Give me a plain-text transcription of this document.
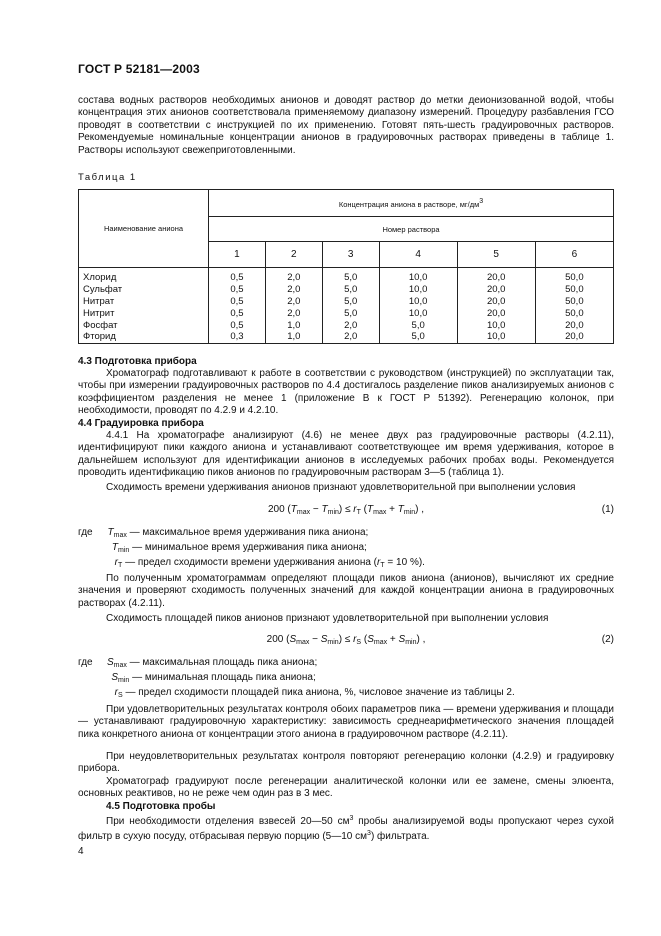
ГОСТ Р 52181—2003

состава водных растворов необходимых анионов и доводят раствор до метки деионизованной водой, чтобы концентрация этих анионов соответствовала применяемому диапазону измерений. Процедуру разбавления ГСО проводят в соответствии с инструкцией по их применению. Готовят пять-шесть градуировочных растворов. Рекомендуемые номинальные концентрации анионов в градуировочных растворах приведены в таблице 1. Растворы используют свежеприготовленными.

Таблица 1
Наименование аниона	Концентрация аниона в растворе, мг/дм3					
	Номер раствора					
	1	2	3	4	5	6
Хлорид	0,5	2,0	5,0	10,0	20,0	50,0
Сульфат	0,5	2,0	5,0	10,0	20,0	50,0
Нитрат	0,5	2,0	5,0	10,0	20,0	50,0
Нитрит	0,5	2,0	5,0	10,0	20,0	50,0
Фосфат	0,5	1,0	2,0	5,0	10,0	20,0
Фторид	0,3	1,0	2,0	5,0	10,0	20,0
4.3 Подготовка прибора

Хроматограф подготавливают к работе в соответствии с руководством (инструкцией) по эксплуатации так, чтобы при измерении градуировочных растворов по 4.4 достигалось разделение пиков анализируемых анионов с коэффициентом разделения не менее 1 (приложение В к ГОСТ Р 51392). Регенерацию колонок, при необходимости, проводят по 4.2.9 и 4.2.10.

4.4 Градуировка прибора

4.4.1 На хроматографе анализируют (4.6) не менее двух раз градуировочные растворы (4.2.11), идентифицируют пики каждого аниона и устанавливают соответствующее им время удерживания, которое в дальнейшем используют для идентификации анионов в исследуемых рабочих пробах воды. Рекомендуется проводить идентификацию пиков анионов по градуировочным растворам 3—5 (таблица 1).

Сходимость времени удерживания анионов признают удовлетворительной при выполнении условия

200 $(T_{max} - T_{min}) \le r_T$ $(T_{max} + T_{min})$ ,	(1)
где $T_{max}$ — максимальное время удерживания пика аниона;
$T_{min}$ — минимальное время удерживания пика аниона;
$r_T$ — предел сходимости времени удерживания аниона ($r_T = 10$ %).

По полученным хроматограммам определяют площади пиков аниона (анионов), вычисляют их средние значения и проверяют сходимость полученных значений для каждой концентрации аниона в градуировочных растворах (4.2.11).

Сходимость площадей пиков анионов признают удовлетворительной при выполнении условия

200 $(S_{max} - S_{min}) \le r_S$ $(S_{max} + S_{min})$ ,	(2)
где $S_{max}$ — максимальная площадь пика аниона;
$S_{min}$ — минимальная площадь пика аниона;
$r_S$ — предел сходимости площадей пика аниона, %, числовое значение из таблицы 2.

При удовлетворительных результатах контроля обоих параметров пика — времени удерживания и площади — устанавливают градуировочную характеристику: зависимость среднеарифметического значения площадей пика конкретного аниона от концентрации этого аниона в градуировочном растворе (4.2.11).

При неудовлетворительных результатах контроля повторяют регенерацию колонки (4.2.9) и градуировку прибора.

Хроматограф градуируют после регенерации аналитической колонки или ее замене, смены элюента, основных реактивов, но не реже чем один раз в 3 мес.

4.5 Подготовка пробы

При необходимости отделения взвесей 20—50 $см^3$ пробы анализируемой воды пропускают через сухой фильтр в сухую посуду, отбрасывая первую порцию (5—10 $см^3$) фильтрата.

4
